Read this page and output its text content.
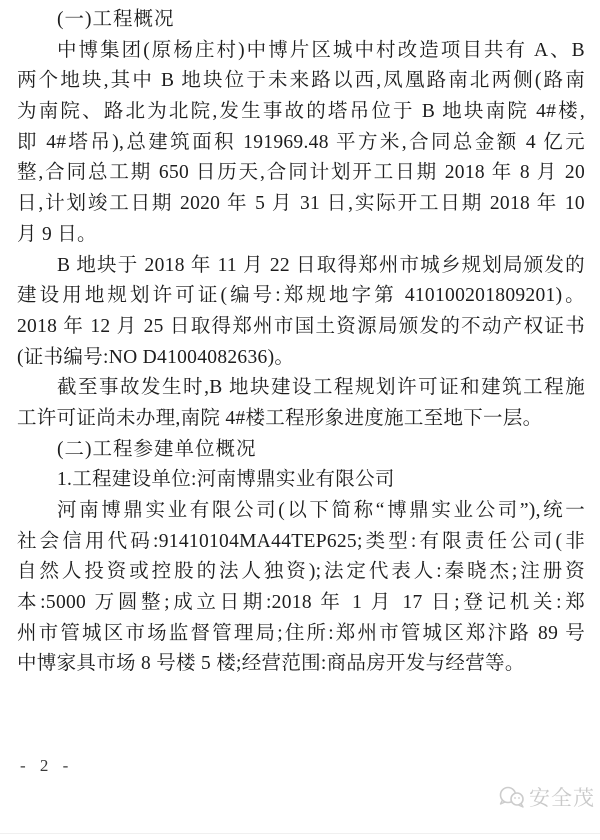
(一)工程概况
中博集团(原杨庄村)中博片区城中村改造项目共有 A、B
两个地块,其中 B 地块位于未来路以西,凤凰路南北两侧(路南
为南院、路北为北院,发生事故的塔吊位于 B 地块南院 4#楼,
即 4#塔吊),总建筑面积 191969.48 平方米,合同总金额 4 亿元
整,合同总工期 650 日历天,合同计划开工日期 2018 年 8 月 20
日,计划竣工日期 2020 年 5 月 31 日,实际开工日期 2018 年 10
月 9 日。
B 地块于 2018 年 11 月 22 日取得郑州市城乡规划局颁发的
建设用地规划许可证(编号:郑规地字第 410100201809201)。
2018 年 12 月 25 日取得郑州市国土资源局颁发的不动产权证书
(证书编号:NO D41004082636)。
截至事故发生时,B 地块建设工程规划许可证和建筑工程施
工许可证尚未办理,南院 4#楼工程形象进度施工至地下一层。
(二)工程参建单位概况
1.工程建设单位:河南博鼎实业有限公司
河南博鼎实业有限公司(以下简称“博鼎实业公司”),统一
社会信用代码:91410104MA44TEP625;类型:有限责任公司(非
自然人投资或控股的法人独资);法定代表人:秦晓杰;注册资
本:5000 万圆整;成立日期:2018 年 1 月 17 日;登记机关:郑
州市管城区市场监督管理局;住所:郑州市管城区郑汴路 89 号
中博家具市场 8 号楼 5 楼;经营范围:商品房开发与经营等。
- 2 -
安全茂
